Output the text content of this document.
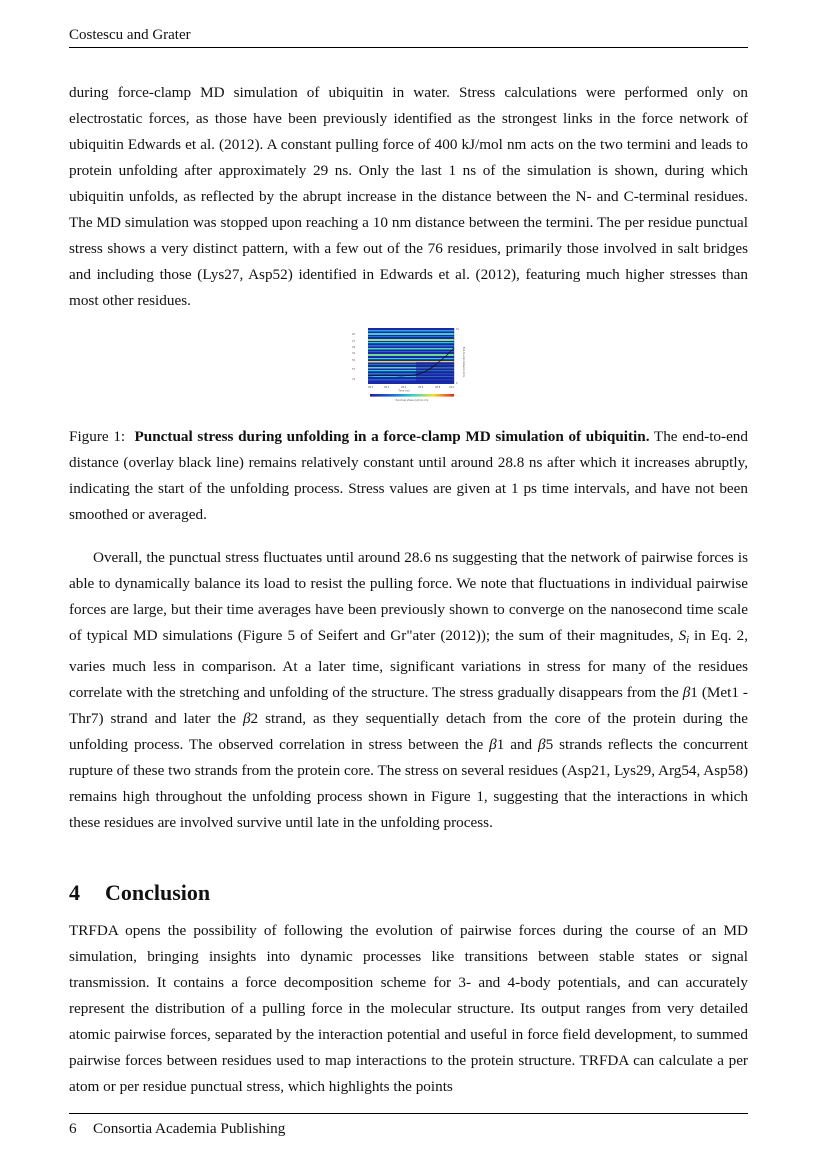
Costescu and Grater

during force-clamp MD simulation of ubiquitin in water. Stress calculations were performed only on electrostatic forces, as those have been previously identified as the strongest links in the force network of ubiquitin Edwards et al. (2012). A constant pulling force of 400 kJ/mol nm acts on the two termini and leads to protein unfolding after approximately 29 ns. Only the last 1 ns of the simulation is shown, during which ubiquitin unfolds, as reflected by the abrupt increase in the distance between the N- and C-terminal residues. The MD simulation was stopped upon reaching a 10 nm distance between the termini. The per residue punctual stress shows a very distinct pattern, with a few out of the 76 residues, primarily those involved in salt bridges and including those (Lys27, Asp52) identified in Edwards et al. (2012), featuring much higher stresses than most other residues.

20
27
29
34
52
57
72
10
0
End-to-end distance (nm)
28.0	28.2	28.4	28.6	28.8	29.0
Time (ns)
Punctual stress (kJ/mol nm)

Figure 1: Punctual stress during unfolding in a force-clamp MD simulation of ubiquitin. The end-to-end distance (overlay black line) remains relatively constant until around 28.8 ns after which it increases abruptly, indicating the start of the unfolding process. Stress values are given at 1 ps time intervals, and have not been smoothed or averaged.

Overall, the punctual stress fluctuates until around 28.6 ns suggesting that the network of pairwise forces is able to dynamically balance its load to resist the pulling force. We note that fluctuations in individual pairwise forces are large, but their time averages have been previously shown to converge on the nanosecond time scale of typical MD simulations (Figure 5 of Seifert and Gr"ater (2012)); the sum of their magnitudes, $S_i$ in Eq. 2, varies much less in comparison. At a later time, significant variations in stress for many of the residues correlate with the stretching and unfolding of the structure. The stress gradually disappears from the β1 (Met1 - Thr7) strand and later the β2 strand, as they sequentially detach from the core of the protein during the unfolding process. The observed correlation in stress between the β1 and β5 strands reflects the concurrent rupture of these two strands from the protein core. The stress on several residues (Asp21, Lys29, Arg54, Asp58) remains high throughout the unfolding process shown in Figure 1, suggesting that the interactions in which these residues are involved survive until late in the unfolding process.

4 Conclusion

TRFDA opens the possibility of following the evolution of pairwise forces during the course of an MD simulation, bringing insights into dynamic processes like transitions between stable states or signal transmission. It contains a force decomposition scheme for 3- and 4-body potentials, and can accurately represent the distribution of a pulling force in the molecular structure. Its output ranges from very detailed atomic pairwise forces, separated by the interaction potential and useful in force field development, to summed pairwise forces between residues used to map interactions to the protein structure. TRFDA can calculate a per atom or per residue punctual stress, which highlights the points

6 Consortia Academia Publishing
